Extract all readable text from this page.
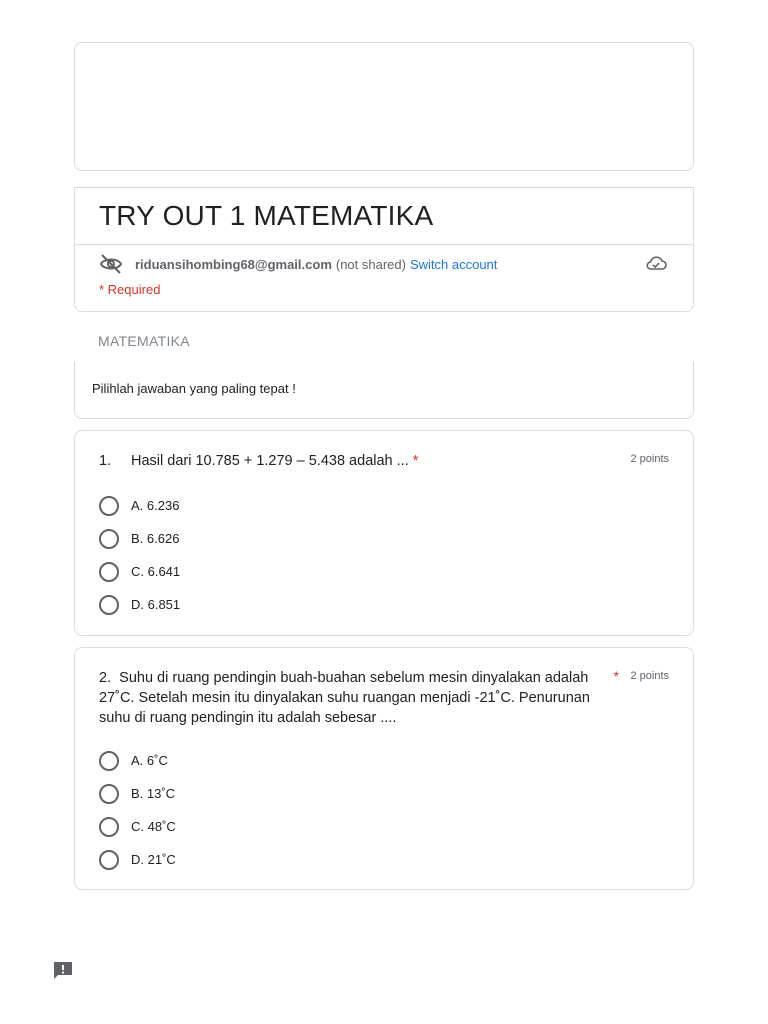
TRY OUT 1 MATEMATIKA
riduansihombing68@gmail.com (not shared) Switch account
* Required
MATEMATIKA
Pilihlah jawaban yang paling tepat !
1. Hasil dari 10.785 + 1.279 – 5.438 adalah ... *	2 points
A. 6.236
B. 6.626
C. 6.641
D. 6.851
2. Suhu di ruang pendingin buah-buahan sebelum mesin dinyalakan adalah 27˚C. Setelah mesin itu dinyalakan suhu ruangan menjadi -21˚C. Penurunan suhu di ruang pendingin itu adalah sebesar ....
* 2 points
A. 6˚C
B. 13˚C
C. 48˚C
D. 21˚C
